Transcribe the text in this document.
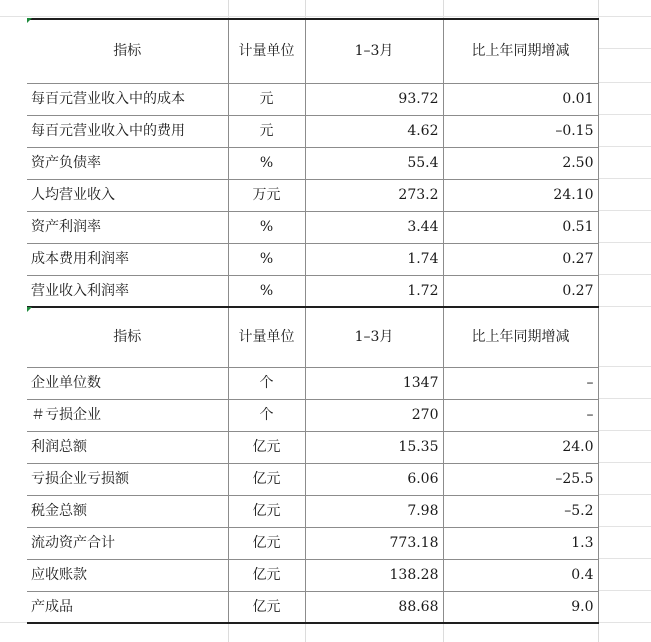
指标	计量单位	1–3月	比上年同期增减
每百元营业收入中的成本	元	93.72	0.01
每百元营业收入中的费用	元	4.62	–0.15
资产负债率	%	55.4	2.50
人均营业收入	万元	273.2	24.10
资产利润率	%	3.44	0.51
成本费用利润率	%	1.74	0.27
营业收入利润率	%	1.72	0.27
指标	计量单位	1–3月	比上年同期增减
企业单位数	个	1347	–
＃亏损企业	个	270	–
利润总额	亿元	15.35	24.0
亏损企业亏损额	亿元	6.06	–25.5
税金总额	亿元	7.98	–5.2
流动资产合计	亿元	773.18	1.3
应收账款	亿元	138.28	0.4
产成品	亿元	88.68	9.0
